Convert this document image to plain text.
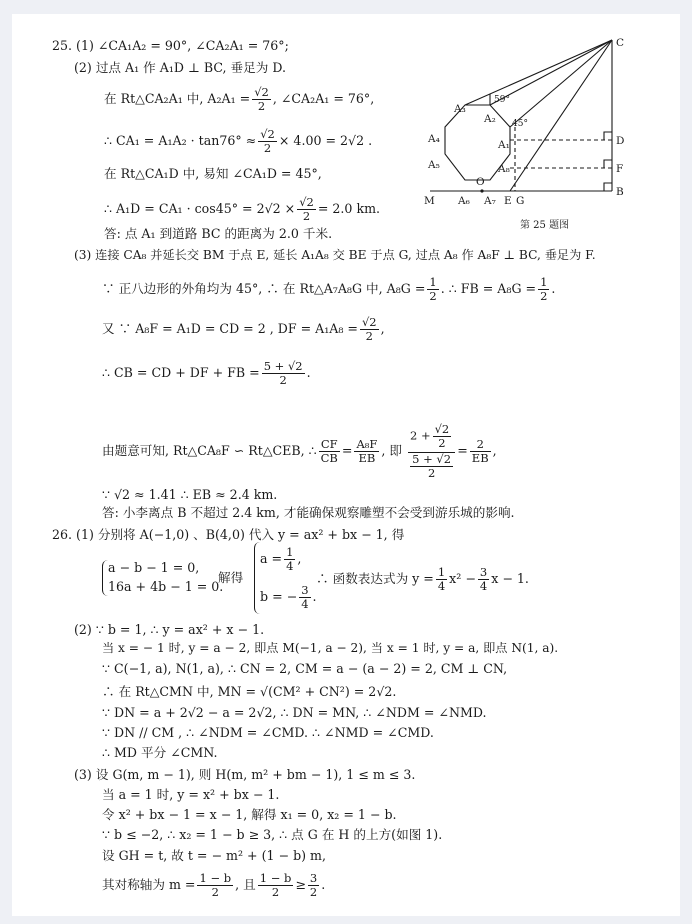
25. (1) ∠CA₁A₂ = 90°, ∠CA₂A₁ = 76°;
(2) 过点 A₁ 作 A₁D ⊥ BC, 垂足为 D.
在 Rt△CA₂A₁ 中, $A_2A_1 = \frac{√2}{2}$ , ∠CA₂A₁ = 76°,
∴ $CA_1 = A_1A_2 \cdot \tan 76^\circ \approx \frac{√2}{2} \times 4.00 = 2√2$ .
在 Rt△CA₁D 中, 易知 ∠CA₁D = 45°,
∴ $A_1D = CA_1 \cdot \cos 45^\circ = 2√2 \times \frac{√2}{2} = 2.0$ km.
答: 点 A₁ 到道路 BC 的距离为 2.0 千米.
(3) 连接 CA₈ 并延长交 BM 于点 E, 延长 A₁A₈ 交 BE 于点 G, 过点 A₈ 作 A₈F ⊥ BC, 垂足为 F.
∵ 正八边形的外角均为 45°, ∴ 在 Rt△A₇A₈G 中, $A_8G = \frac{1}{2}$ . ∴ FB = $A_8G = \frac{1}{2}$ .
又 ∵ A₈F = A₁D = CD = 2 , DF = $A_1A_8 = \frac{√2}{2}$ ,
∴ CB = CD + DF + FB = $\frac{5 + √2}{2}$ .
由题意可知, Rt△CA₈F ∽ Rt△CEB, ∴ $\frac{CF}{CB} = \frac{\text{A₈F}}{EB}$ , 即 $\frac{2 + \frac{√2}{2}}{\frac{5 + √2}{2}} = \frac{2}{EB}$ ,
∵ √2 ≈ 1.41 ∴ EB ≈ 2.4 km.
答: 小李离点 B 不超过 2.4 km, 才能确保观察雕塑不会受到游乐城的影响.
C
D
F
B
A₁
A₂
A₃
A₄
A₅
A₆ A₇
A₈
M
O
E G
59°
45°
第 25 题图
26. (1) 分别将 A(−1,0) 、B(4,0) 代入 y = ax² + bx − 1, 得
a − b − 1 = 0,
16a + 4b − 1 = 0.
解得
$a = \frac{1}{4}$ ,
b = − $\frac{3}{4}$ .
∴ 函数表达式为 $y = \frac{1}{4} x^2 - \frac{3}{4}$ x − 1.
(2) ∵ b = 1, ∴ y = ax² + x − 1.
当 x = − 1 时, y = a − 2, 即点 M(−1, a − 2), 当 x = 1 时, y = a, 即点 N(1, a).
∵ C(−1, a), N(1, a), ∴ CN = 2, CM = a − (a − 2) = 2, CM ⊥ CN,
∴ 在 Rt△CMN 中, MN = √(CM² + CN²) = 2√2.
∵ DN = a + 2√2 − a = 2√2, ∴ DN = MN, ∴ ∠NDM = ∠NMD.
∵ DN // CM , ∴ ∠NDM = ∠CMD. ∴ ∠NMD = ∠CMD.
∴ MD 平分 ∠CMN.
(3) 设 G(m, m − 1), 则 H(m, m² + bm − 1), 1 ≤ m ≤ 3.
当 a = 1 时, y = x² + bx − 1.
令 x² + bx − 1 = x − 1, 解得 x₁ = 0, x₂ = 1 − b.
∵ b ≤ −2, ∴ x₂ = 1 − b ≥ 3, ∴ 点 G 在 H 的上方(如图 1).
设 GH = t, 故 t = − m² + (1 − b) m,
其对称轴为 $m = \frac{1 - b}{2}$ , 且 $\frac{1 - b}{2} \ge \frac{3}{2}$ .
